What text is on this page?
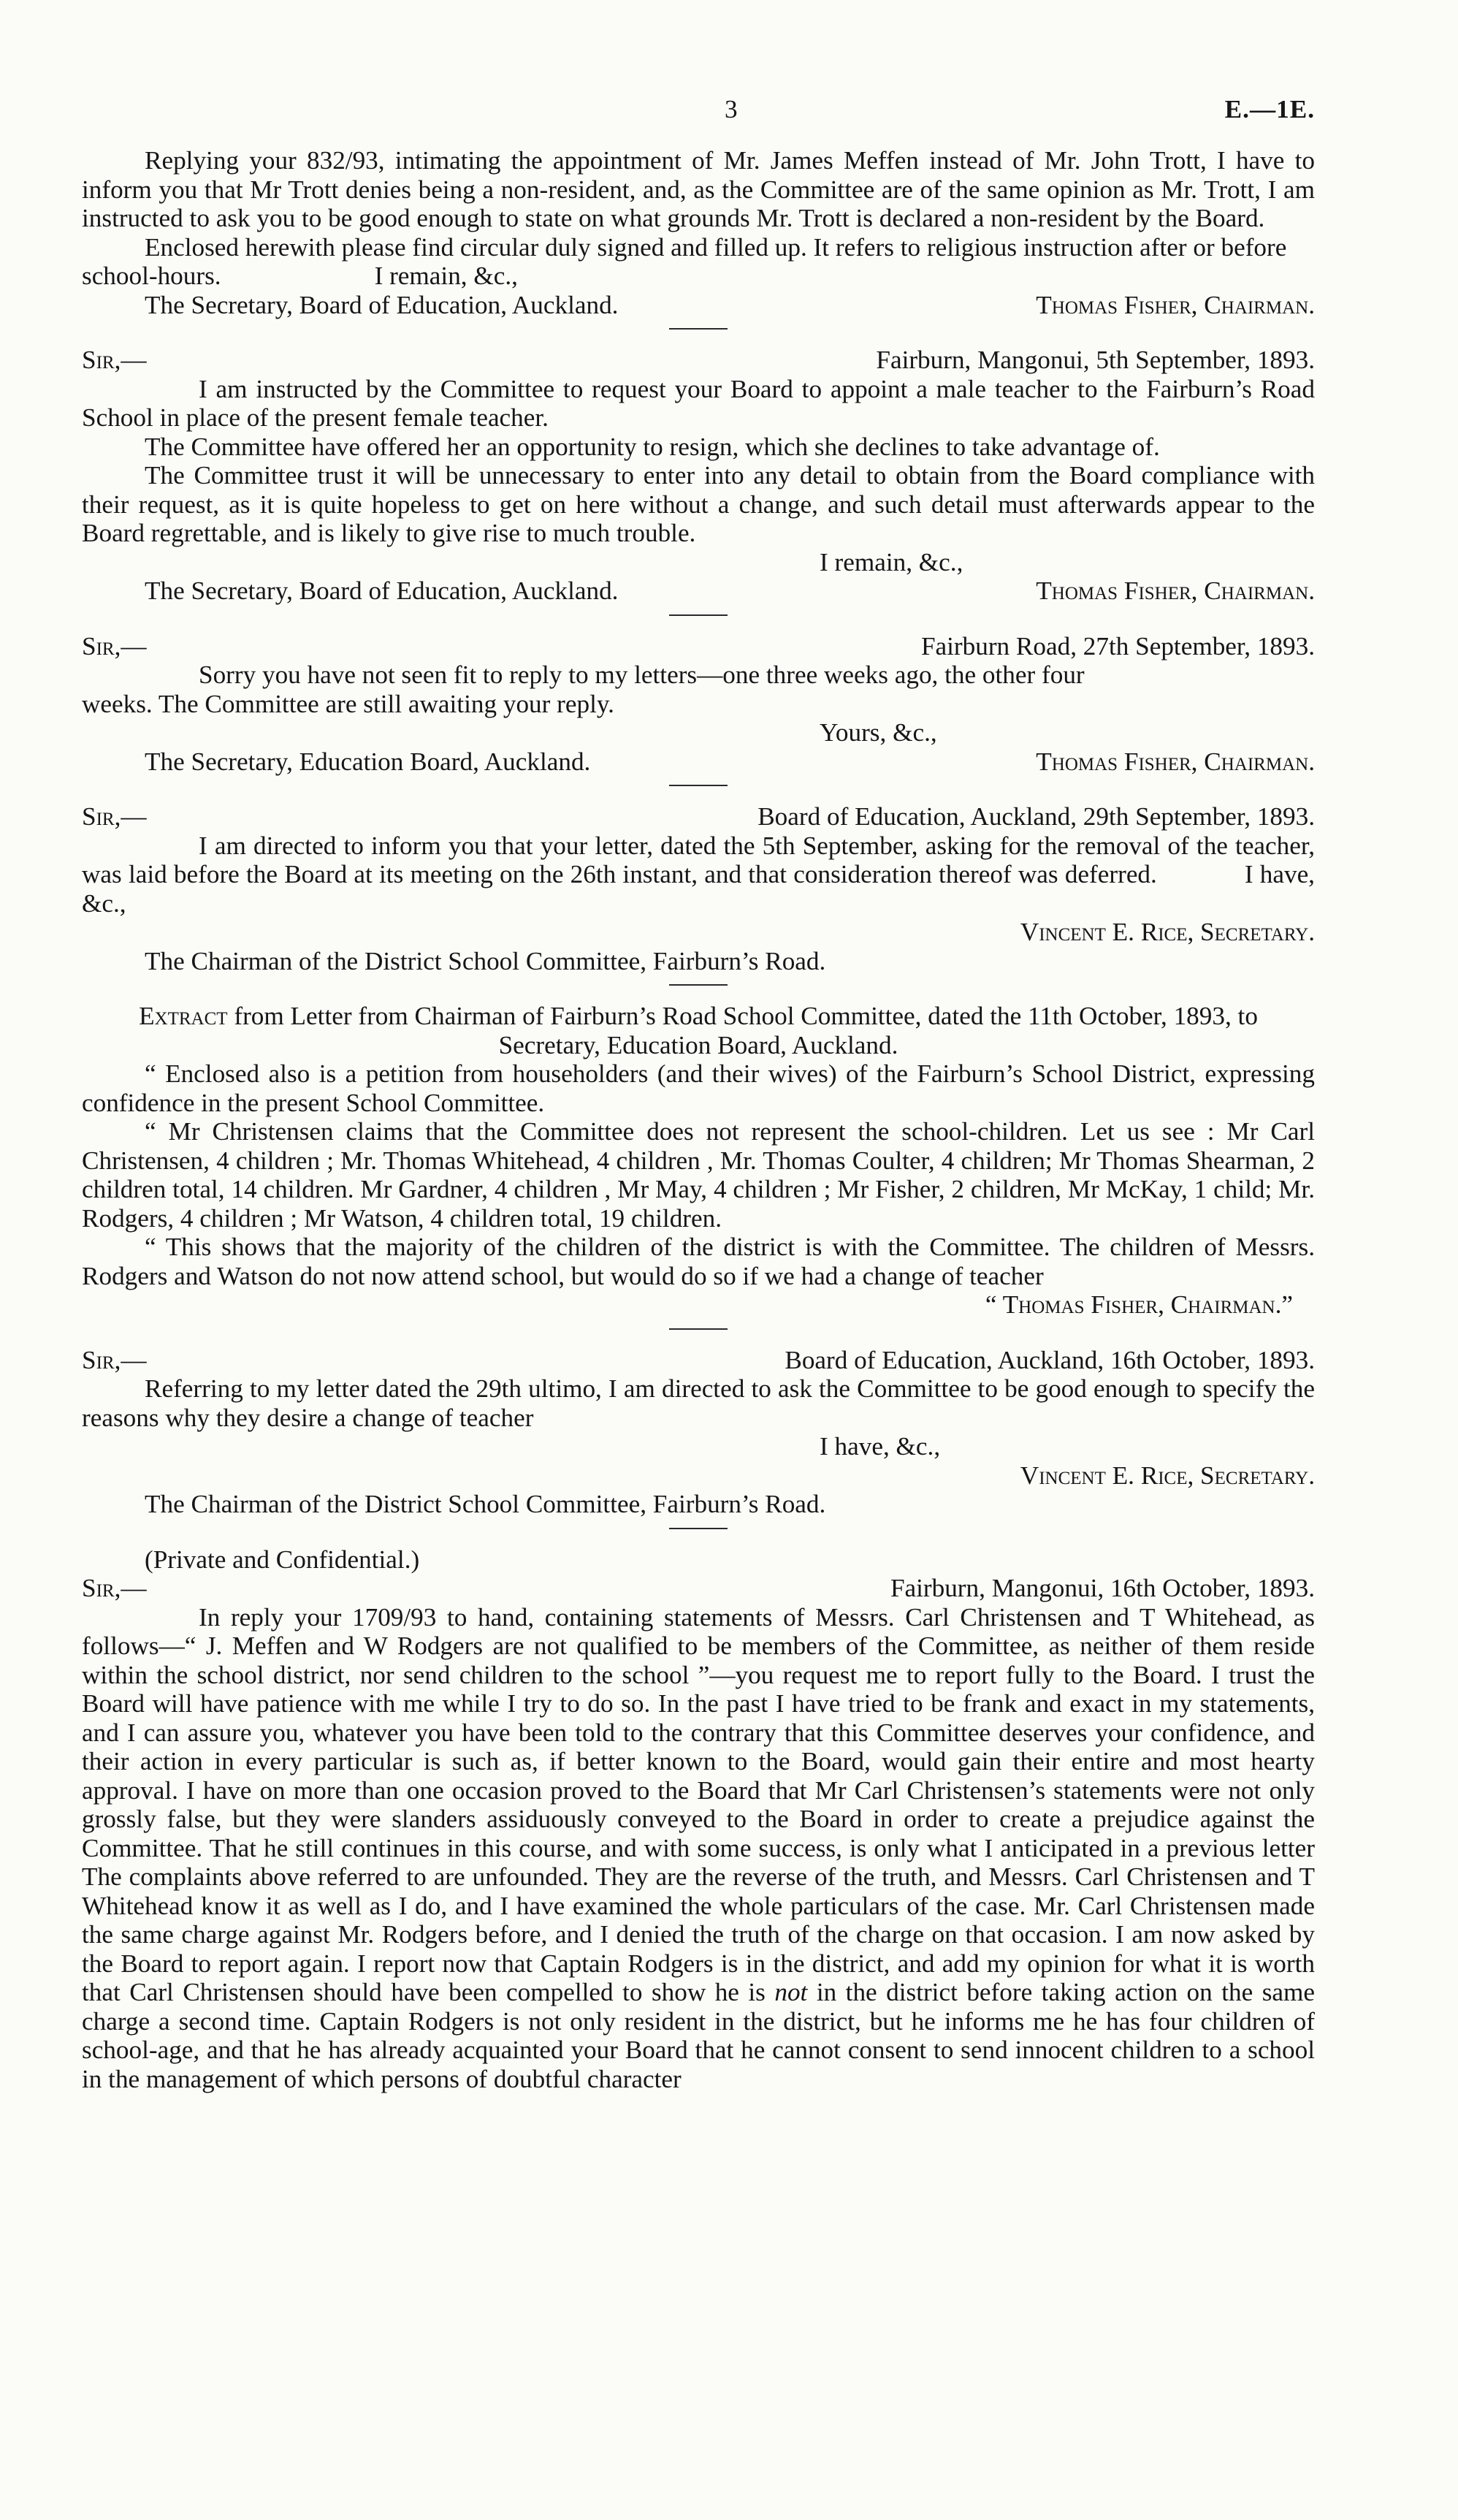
3	E.—1E.

Replying your 832/93, intimating the appointment of Mr. James Meffen instead of Mr. John Trott, I have to inform you that Mr Trott denies being a non-resident, and, as the Committee are of the same opinion as Mr. Trott, I am instructed to ask you to be good enough to state on what grounds Mr. Trott is declared a non-resident by the Board.

Enclosed herewith please find circular duly signed and filled up. It refers to religious instruction after or before school-hours.	I remain, &c.,

The Secretary, Board of Education, Auckland.	Thomas Fisher, Chairman.
Sir,—	Fairburn, Mangonui, 5th September, 1893.

I am instructed by the Committee to request your Board to appoint a male teacher to the Fairburn’s Road School in place of the present female teacher.

The Committee have offered her an opportunity to resign, which she declines to take advantage of.

The Committee trust it will be unnecessary to enter into any detail to obtain from the Board compliance with their request, as it is quite hopeless to get on here without a change, and such detail must afterwards appear to the Board regrettable, and is likely to give rise to much trouble.

I remain, &c.,

The Secretary, Board of Education, Auckland.	Thomas Fisher, Chairman.
Sir,—	Fairburn Road, 27th September, 1893.

Sorry you have not seen fit to reply to my letters—one three weeks ago, the other four

weeks. The Committee are still awaiting your reply.

Yours, &c.,

The Secretary, Education Board, Auckland.	Thomas Fisher, Chairman.
Sir,—	Board of Education, Auckland, 29th September, 1893.

I am directed to inform you that your letter, dated the 5th September, asking for the removal of the teacher, was laid before the Board at its meeting on the 26th instant, and that consideration thereof was deferred.	I have, &c.,

Vincent E. Rice, Secretary.

The Chairman of the District School Committee, Fairburn’s Road.

Extract from Letter from Chairman of Fairburn’s Road School Committee, dated the 11th October, 1893, to Secretary, Education Board, Auckland.

“ Enclosed also is a petition from householders (and their wives) of the Fairburn’s School District, expressing confidence in the present School Committee.

“ Mr Christensen claims that the Committee does not represent the school-children. Let us see : Mr Carl Christensen, 4 children ; Mr. Thomas Whitehead, 4 children , Mr. Thomas Coulter, 4 children; Mr Thomas Shearman, 2 children total, 14 children. Mr Gardner, 4 children , Mr May, 4 children ; Mr Fisher, 2 children, Mr McKay, 1 child; Mr. Rodgers, 4 children ; Mr Watson, 4 children total, 19 children.

“ This shows that the majority of the children of the district is with the Committee. The children of Messrs. Rodgers and Watson do not now attend school, but would do so if we had a change of teacher

“ Thomas Fisher, Chairman.”

Sir,—	Board of Education, Auckland, 16th October, 1893.

Referring to my letter dated the 29th ultimo, I am directed to ask the Committee to be good enough to specify the reasons why they desire a change of teacher

I have, &c.,

Vincent E. Rice, Secretary.

The Chairman of the District School Committee, Fairburn’s Road.

(Private and Confidential.)

Sir,—	Fairburn, Mangonui, 16th October, 1893.

In reply your 1709/93 to hand, containing statements of Messrs. Carl Christensen and T Whitehead, as follows—“ J. Meffen and W Rodgers are not qualified to be members of the Committee, as neither of them reside within the school district, nor send children to the school ”—you request me to report fully to the Board. I trust the Board will have patience with me while I try to do so. In the past I have tried to be frank and exact in my statements, and I can assure you, whatever you have been told to the contrary that this Committee deserves your confidence, and their action in every particular is such as, if better known to the Board, would gain their entire and most hearty approval. I have on more than one occasion proved to the Board that Mr Carl Christensen’s statements were not only grossly false, but they were slanders assiduously conveyed to the Board in order to create a prejudice against the Committee. That he still continues in this course, and with some success, is only what I anticipated in a previous letter The complaints above referred to are unfounded. They are the reverse of the truth, and Messrs. Carl Christensen and T Whitehead know it as well as I do, and I have examined the whole particulars of the case. Mr. Carl Christensen made the same charge against Mr. Rodgers before, and I denied the truth of the charge on that occasion. I am now asked by the Board to report again. I report now that Captain Rodgers is in the district, and add my opinion for what it is worth that Carl Christensen should have been compelled to show he is not in the district before taking action on the same charge a second time. Captain Rodgers is not only resident in the district, but he informs me he has four children of school-age, and that he has already acquainted your Board that he cannot consent to send innocent children to a school in the management of which persons of doubtful character
